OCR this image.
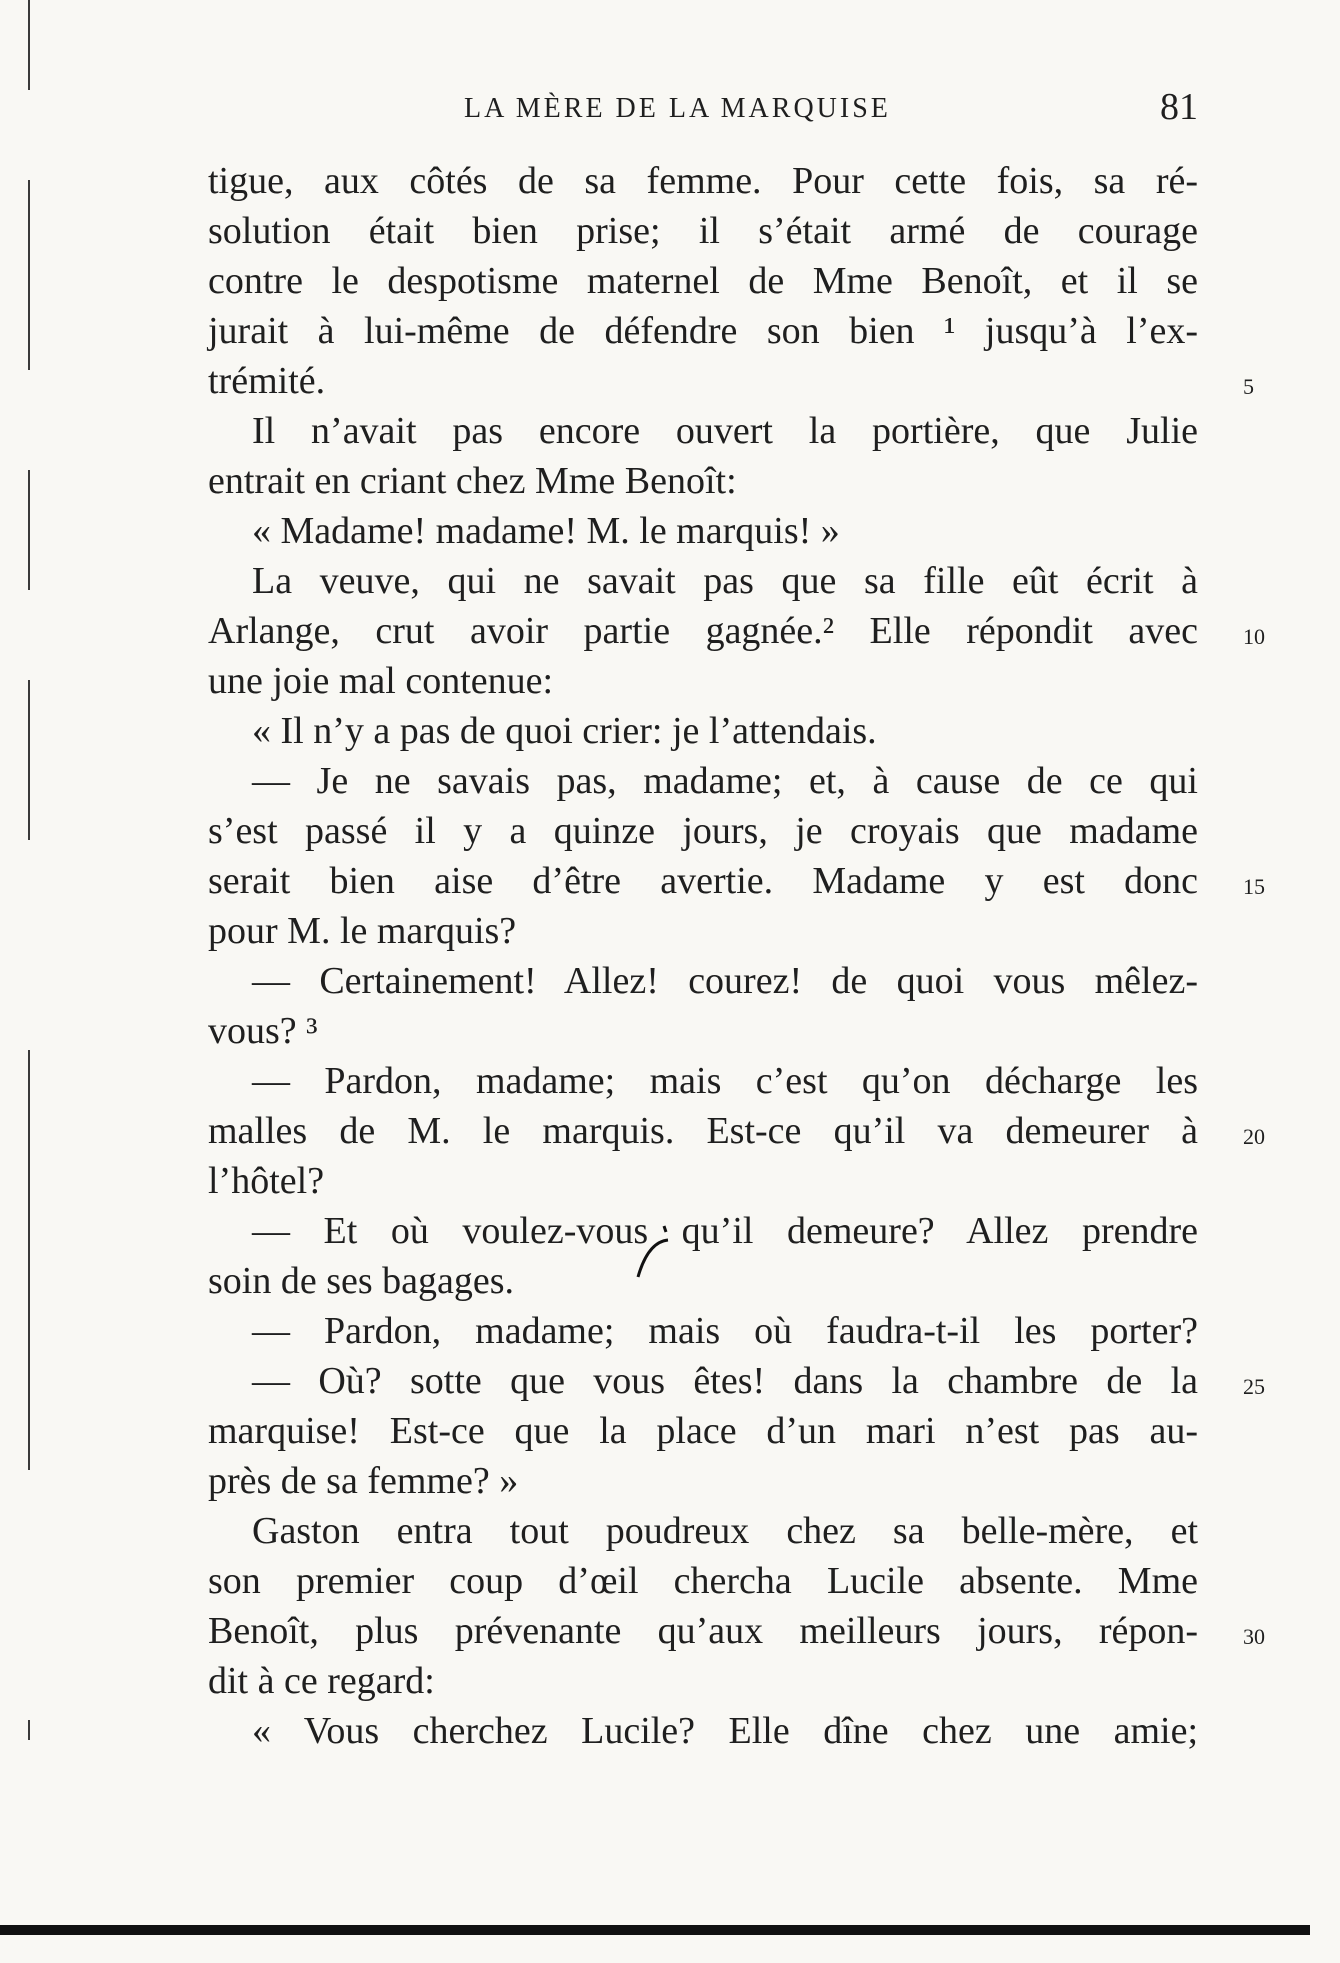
LA MÈRE DE LA MARQUISE	81
tigue, aux côtés de sa femme. Pour cette fois, sa ré-
solution était bien prise; il s’était armé de courage
contre le despotisme maternel de Mme Benoît, et il se
jurait à lui-même de défendre son bien ¹ jusqu’à l’ex-
trémité.	5
Il n’avait pas encore ouvert la portière, que Julie
entrait en criant chez Mme Benoît:
« Madame! madame! M. le marquis! »
La veuve, qui ne savait pas que sa fille eût écrit à
Arlange, crut avoir partie gagnée.² Elle répondit avec 10
une joie mal contenue:
« Il n’y a pas de quoi crier: je l’attendais.
— Je ne savais pas, madame; et, à cause de ce qui
s’est passé il y a quinze jours, je croyais que madame
serait bien aise d’être avertie. Madame y est donc 15
pour M. le marquis?
— Certainement! Allez! courez! de quoi vous mêlez-
vous? ³
— Pardon, madame; mais c’est qu’on décharge les
malles de M. le marquis. Est-ce qu’il va demeurer à 20
l’hôtel?
— Et où voulez-vous qu’il demeure? Allez prendre
soin de ses bagages.
— Pardon, madame; mais où faudra-t-il les porter?
— Où? sotte que vous êtes! dans la chambre de la 25
marquise! Est-ce que la place d’un mari n’est pas au-
près de sa femme? »
Gaston entra tout poudreux chez sa belle-mère, et
son premier coup d’œil chercha Lucile absente. Mme
Benoît, plus prévenante qu’aux meilleurs jours, répon- 30
dit à ce regard:
« Vous cherchez Lucile? Elle dîne chez une amie;
